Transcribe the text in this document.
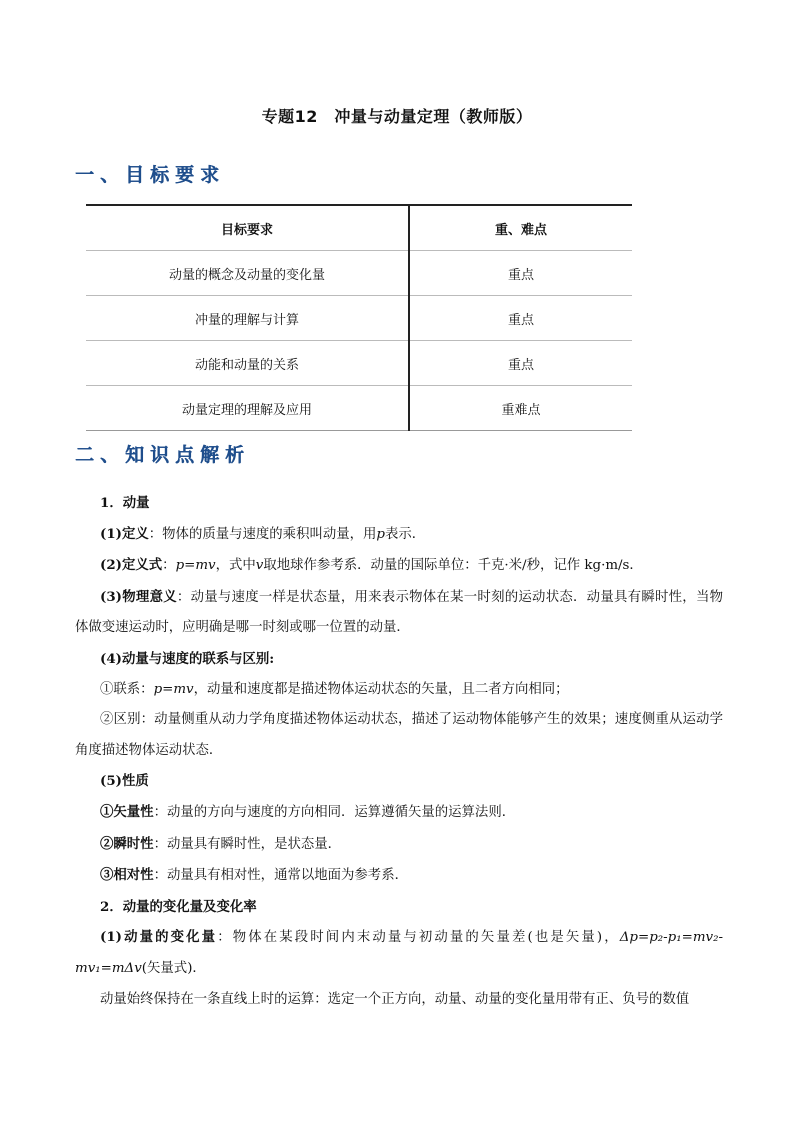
专题12　冲量与动量定理（教师版）
一、目标要求
目标要求	重、难点
动量的概念及动量的变化量	重点
冲量的理解与计算	重点
动能和动量的关系	重点
动量定理的理解及应用	重难点
二、知识点解析
1．动量
(1)定义：物体的质量与速度的乘积叫动量，用p表示．
(2)定义式：p=mv，式中v取地球作参考系．动量的国际单位：千克·米/秒，记作 kg·m/s．
(3)物理意义：动量与速度一样是状态量，用来表示物体在某一时刻的运动状态．动量具有瞬时性，当物体做变速运动时，应明确是哪一时刻或哪一位置的动量．
(4)动量与速度的联系与区别:
①联系：p=mv，动量和速度都是描述物体运动状态的矢量，且二者方向相同；
②区别：动量侧重从动力学角度描述物体运动状态，描述了运动物体能够产生的效果；速度侧重从运动学角度描述物体运动状态．
(5)性质
①矢量性：动量的方向与速度的方向相同．运算遵循矢量的运算法则．
②瞬时性：动量具有瞬时性，是状态量．
③相对性：动量具有相对性，通常以地面为参考系．
2．动量的变化量及变化率
(1)动量的变化量：物体在某段时间内末动量与初动量的矢量差(也是矢量)，Δp=p₂-p₁=mv₂-mv₁=mΔv(矢量式)．
动量始终保持在一条直线上时的运算：选定一个正方向，动量、动量的变化量用带有正、负号的数值
